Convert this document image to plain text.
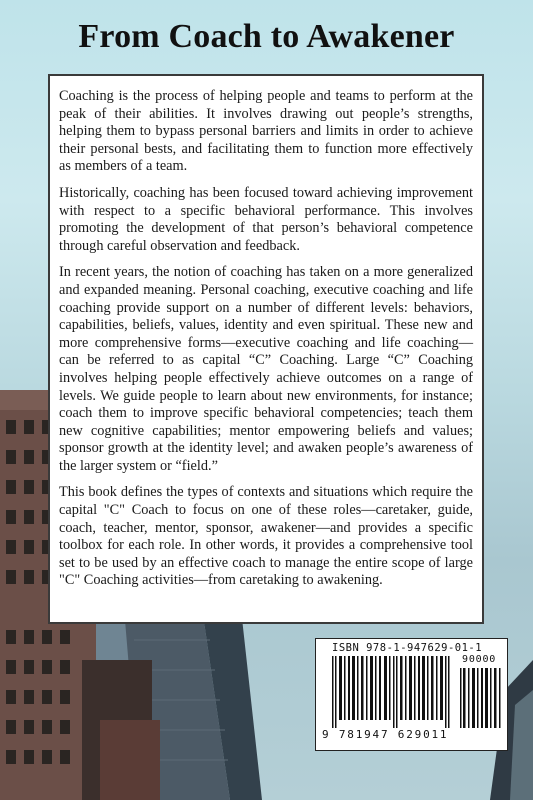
From Coach to Awakener

Coaching is the process of helping people and teams to perform at the peak of their abilities. It involves drawing out people’s strengths, helping them to bypass personal barriers and limits in order to achieve their personal bests, and facilitating them to function more effectively as members of a team.

Historically, coaching has been focused toward achieving improvement with respect to a specific behavioral performance. This involves promoting the development of that person’s behavioral competence through careful observation and feedback.

In recent years, the notion of coaching has taken on a more generalized and expanded meaning. Personal coaching, executive coaching and life coaching provide support on a number of different levels: behaviors, capabilities, beliefs, values, identity and even spiritual. These new and more comprehensive forms—executive coaching and life coaching—can be referred to as capital “C” Coaching. Large “C” Coaching involves helping people effectively achieve outcomes on a range of levels. We guide people to learn about new environments, for instance; coach them to improve specific behavioral competencies; teach them new cognitive capabilities; mentor empowering beliefs and values; sponsor growth at the identity level; and awaken people’s awareness of the larger system or “field.”

This book defines the types of contexts and situations which require the capital "C" Coach to focus on one of these roles—caretaker, guide, coach, teacher, mentor, sponsor, awakener—and provides a specific toolbox for each role. In other words, it provides a comprehensive tool set to be used by an effective coach to manage the entire scope of large "C" Coaching activities—from caretaking to awakening.

ISBN 978-1-947629-01-1
90000
9 781947 629011
